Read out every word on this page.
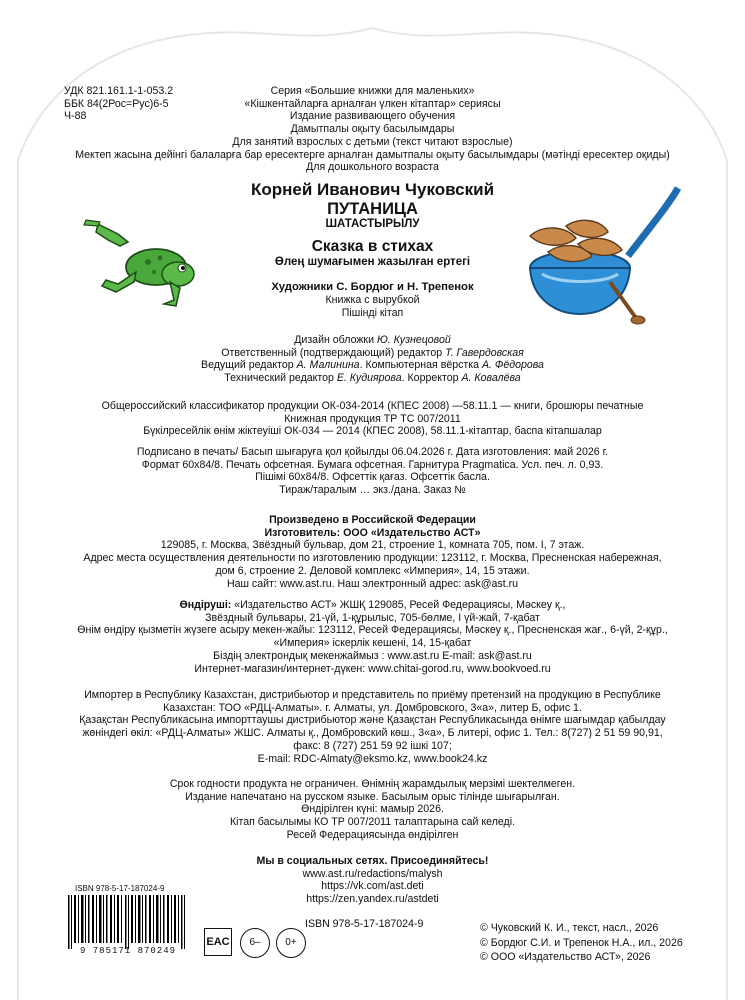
УДК 821.161.1-1-053.2
ББК 84(2Рос=Рус)6-5
Ч-88
Серия «Большие книжки для маленьких»
«Кішкентайларға арналған үлкен кітаптар» сериясы
Издание развивающего обучения
Дамытпалы оқыту басылымдары
Для занятий взрослых с детьми (текст читают взрослые)
Мектеп жасына дейінгі балаларға бар ересектерге арналған дамытпалы оқыту басылымдары (мәтінді ересектер оқиды)
Для дошкольного возраста
Корней Иванович Чуковский
ПУТАНИЦА
ШАТАСТЫРЫЛУ
Сказка в стихах
Өлең шумағымен жазылған ертегі
Художники С. Бордюг и Н. Трепенок
Книжка с вырубкой
Пішінді кітап
Дизайн обложки Ю. Кузнецовой
Ответственный (подтверждающий) редактор Т. Гавердовская
Ведущий редактор А. Малинина. Компьютерная вёрстка А. Фёдорова
Технический редактор Е. Кудиярова. Корректор А. Ковалёва
Общероссийский классификатор продукции ОК-034-2014 (КПЕС 2008) —58.11.1 — книги, брошюры печатные
Книжная продукция ТР ТС 007/2011
Бүкілресейлік өнім жіктеуіші ОК-034 — 2014 (КПЕС 2008), 58.11.1-кітаптар, баспа кітапшалар
Подписано в печать/ Басып шығаруға қол қойылды 06.04.2026 г. Дата изготовления: май 2026 г.
Формат 60x84/8. Печать офсетная. Бумага офсетная. Гарнитура Pragmatica. Усл. печ. л. 0,93.
Пішімі 60x84/8. Офсеттік қағаз. Офсеттік басла.
Тираж/таралым … экз./дана. Заказ №
Произведено в Российской Федерации
Изготовитель: ООО «Издательство АСТ»
129085, г. Москва, Звёздный бульвар, дом 21, строение 1, комната 705, пом. I, 7 этаж.
Адрес места осуществления деятельности по изготовлению продукции: 123112, г. Москва, Пресненская набережная,
дом 6, строение 2. Деловой комплекс «Империя», 14, 15 этажи.
Наш сайт: www.ast.ru. Наш электронный адрес: ask@ast.ru
Өндіруші: «Издательство АСТ» ЖШҚ 129085, Ресей Федерациясы, Мәскеу қ.,
Звёздный бульвары, 21-үй, 1-құрылыс, 705-бөлме, I үй-жай, 7-қабат
Өнім өндіру қызметін жүзеге асыру мекен-жайы: 123112, Ресей Федерациясы, Мәскеу қ., Пресненская жағ., 6-үй, 2-құр.,
«Империя» іскерлік кешені, 14, 15-қабат
Біздің электрондық мекенжаймыз : www.ast.ru E-mail: ask@ast.ru
Интернет-магазин/интернет-дүкен: www.chitai-gorod.ru, www.bookvoed.ru
Импортер в Республику Казахстан, дистрибьютор и представитель по приёму претензий на продукцию в Республике
Казахстан: ТОО «РДЦ-Алматы». г. Алматы, ул. Домбровского, 3«а», литер Б, офис 1.
Қазақстан Республикасына импорттаушы дистрибьютор және Қазақстан Республикасында өнімге шағымдар қабылдау
жөніндегі өкіл: «РДЦ-Алматы» ЖШС. Алматы қ., Домбровский көш., 3«а», Б литері, офис 1. Тел.: 8(727) 2 51 59 90,91,
факс: 8 (727) 251 59 92 ішкі 107;
E-mail: RDC-Almaty@eksmo.kz, www.book24.kz
Срок годности продукта не ограничен. Өнімнің жарамдылық мерзімі шектелмеген.
Издание напечатано на русском языке. Басылым орыс тілінде шығарылған.
Өндірілген күні: мамыр 2026.
Кітап басылымы КО ТР 007/2011 талаптарына сай келеді.
Ресей Федерациясында өндірілген
Мы в социальных сетях. Присоединяйтесь!
www.ast.ru/redactions/malysh
https://vk.com/ast.deti
https://zen.yandex.ru/astdeti
ISBN 978-5-17-187024-9
9 785171 870249
ISBN 978-5-17-187024-9
EAC	6–	0+
© Чуковский К. И., текст, насл., 2026
© Бордюг С.И. и Трепенок Н.А., ил., 2026
© ООО «Издательство АСТ», 2026
